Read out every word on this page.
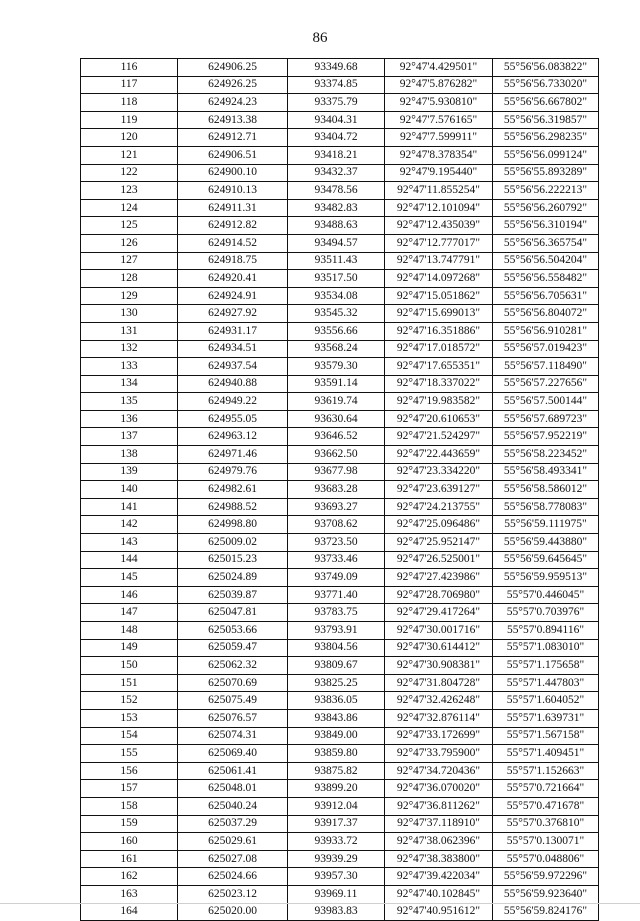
86
116	624906.25	93349.68	92°47'4.429501"	55°56'56.083822"
117	624926.25	93374.85	92°47'5.876282"	55°56'56.733020"
118	624924.23	93375.79	92°47'5.930810"	55°56'56.667802"
119	624913.38	93404.31	92°47'7.576165"	55°56'56.319857"
120	624912.71	93404.72	92°47'7.599911"	55°56'56.298235"
121	624906.51	93418.21	92°47'8.378354"	55°56'56.099124"
122	624900.10	93432.37	92°47'9.195440"	55°56'55.893289"
123	624910.13	93478.56	92°47'11.855254"	55°56'56.222213"
124	624911.31	93482.83	92°47'12.101094"	55°56'56.260792"
125	624912.82	93488.63	92°47'12.435039"	55°56'56.310194"
126	624914.52	93494.57	92°47'12.777017"	55°56'56.365754"
127	624918.75	93511.43	92°47'13.747791"	55°56'56.504204"
128	624920.41	93517.50	92°47'14.097268"	55°56'56.558482"
129	624924.91	93534.08	92°47'15.051862"	55°56'56.705631"
130	624927.92	93545.32	92°47'15.699013"	55°56'56.804072"
131	624931.17	93556.66	92°47'16.351886"	55°56'56.910281"
132	624934.51	93568.24	92°47'17.018572"	55°56'57.019423"
133	624937.54	93579.30	92°47'17.655351"	55°56'57.118490"
134	624940.88	93591.14	92°47'18.337022"	55°56'57.227656"
135	624949.22	93619.74	92°47'19.983582"	55°56'57.500144"
136	624955.05	93630.64	92°47'20.610653"	55°56'57.689723"
137	624963.12	93646.52	92°47'21.524297"	55°56'57.952219"
138	624971.46	93662.50	92°47'22.443659"	55°56'58.223452"
139	624979.76	93677.98	92°47'23.334220"	55°56'58.493341"
140	624982.61	93683.28	92°47'23.639127"	55°56'58.586012"
141	624988.52	93693.27	92°47'24.213755"	55°56'58.778083"
142	624998.80	93708.62	92°47'25.096486"	55°56'59.111975"
143	625009.02	93723.50	92°47'25.952147"	55°56'59.443880"
144	625015.23	93733.46	92°47'26.525001"	55°56'59.645645"
145	625024.89	93749.09	92°47'27.423986"	55°56'59.959513"
146	625039.87	93771.40	92°47'28.706980"	55°57'0.446045"
147	625047.81	93783.75	92°47'29.417264"	55°57'0.703976"
148	625053.66	93793.91	92°47'30.001716"	55°57'0.894116"
149	625059.47	93804.56	92°47'30.614412"	55°57'1.083010"
150	625062.32	93809.67	92°47'30.908381"	55°57'1.175658"
151	625070.69	93825.25	92°47'31.804728"	55°57'1.447803"
152	625075.49	93836.05	92°47'32.426248"	55°57'1.604052"
153	625076.57	93843.86	92°47'32.876114"	55°57'1.639731"
154	625074.31	93849.00	92°47'33.172699"	55°57'1.567158"
155	625069.40	93859.80	92°47'33.795900"	55°57'1.409451"
156	625061.41	93875.82	92°47'34.720436"	55°57'1.152663"
157	625048.01	93899.20	92°47'36.070020"	55°57'0.721664"
158	625040.24	93912.04	92°47'36.811262"	55°57'0.471678"
159	625037.29	93917.37	92°47'37.118910"	55°57'0.376810"
160	625029.61	93933.72	92°47'38.062396"	55°57'0.130071"
161	625027.08	93939.29	92°47'38.383800"	55°57'0.048806"
162	625024.66	93957.30	92°47'39.422034"	55°56'59.972296"
163	625023.12	93969.11	92°47'40.102845"	55°56'59.923640"
164	625020.00	93983.83	92°47'40.951612"	55°56'59.824176"
